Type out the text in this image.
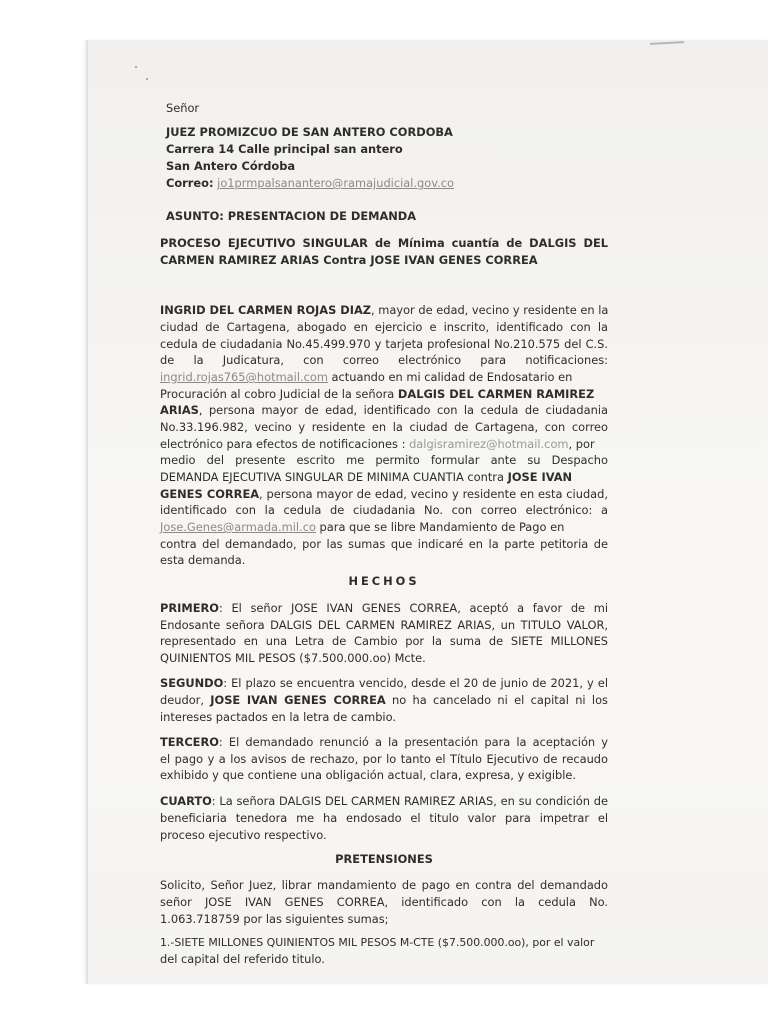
Señor
JUEZ PROMIZCUO DE SAN ANTERO CORDOBA
Carrera 14 Calle principal san antero
San Antero Córdoba
Correo: jo1prmpalsanantero@ramajudicial.gov.co
ASUNTO: PRESENTACION DE DEMANDA
PROCESO EJECUTIVO SINGULAR de Mínima cuantía de DALGIS DEL
CARMEN RAMIREZ ARIAS Contra JOSE IVAN GENES CORREA
INGRID DEL CARMEN ROJAS DIAZ, mayor de edad, vecino y residente en la
ciudad de Cartagena, abogado en ejercicio e inscrito, identificado con la
cedula de ciudadania No.45.499.970 y tarjeta profesional No.210.575 del C.S.
de la Judicatura, con correo electrónico para notificaciones:
ingrid.rojas765@hotmail.com actuando en mi calidad de Endosatario en
Procuración al cobro Judicial de la señora DALGIS DEL CARMEN RAMIREZ
ARIAS, persona mayor de edad, identificado con la cedula de ciudadania
No.33.196.982, vecino y residente en la ciudad de Cartagena, con correo
electrónico para efectos de notificaciones : dalgisramirez@hotmail.com, por
medio del presente escrito me permito formular ante su Despacho
DEMANDA EJECUTIVA SINGULAR DE MINIMA CUANTIA contra JOSE IVAN
GENES CORREA, persona mayor de edad, vecino y residente en esta ciudad,
identificado con la cedula de ciudadania No. con correo electrónico: a
Jose.Genes@armada.mil.co para que se libre Mandamiento de Pago en
contra del demandado, por las sumas que indicaré en la parte petitoria de
esta demanda.
HECHOS
PRIMERO: El señor JOSE IVAN GENES CORREA, aceptó a favor de mi
Endosante señora DALGIS DEL CARMEN RAMIREZ ARIAS, un TITULO VALOR,
representado en una Letra de Cambio por la suma de SIETE MILLONES
QUINIENTOS MIL PESOS ($7.500.000.oo) Mcte.
SEGUNDO: El plazo se encuentra vencido, desde el 20 de junio de 2021, y el
deudor, JOSE IVAN GENES CORREA no ha cancelado ni el capital ni los
intereses pactados en la letra de cambio.
TERCERO: El demandado renunció a la presentación para la aceptación y
el pago y a los avisos de rechazo, por lo tanto el Título Ejecutivo de recaudo
exhibido y que contiene una obligación actual, clara, expresa, y exigible.
CUARTO: La señora DALGIS DEL CARMEN RAMIREZ ARIAS, en su condición de
beneficiaria tenedora me ha endosado el titulo valor para impetrar el
proceso ejecutivo respectivo.
PRETENSIONES
Solicito, Señor Juez, librar mandamiento de pago en contra del demandado
señor JOSE IVAN GENES CORREA, identificado con la cedula No.
1.063.718759 por las siguientes sumas;
1.-SIETE MILLONES QUINIENTOS MIL PESOS M-CTE ($7.500.000.oo), por el valor
del capital del referido titulo.
